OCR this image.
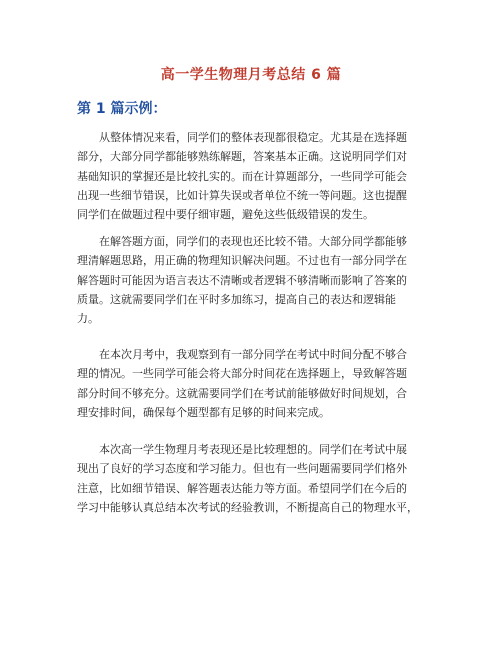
高一学生物理月考总结 6 篇
第 1 篇示例：
从整体情况来看，同学们的整体表现都很稳定。尤其是在选择题
部分，大部分同学都能够熟练解题，答案基本正确。这说明同学们对
基础知识的掌握还是比较扎实的。而在计算题部分，一些同学可能会
出现一些细节错误，比如计算失误或者单位不统一等问题。这也提醒
同学们在做题过程中要仔细审题，避免这些低级错误的发生。
在解答题方面，同学们的表现也还比较不错。大部分同学都能够
理清解题思路，用正确的物理知识解决问题。不过也有一部分同学在
解答题时可能因为语言表达不清晰或者逻辑不够清晰而影响了答案的
质量。这就需要同学们在平时多加练习，提高自己的表达和逻辑能
力。
在本次月考中，我观察到有一部分同学在考试中时间分配不够合
理的情况。一些同学可能会将大部分时间花在选择题上，导致解答题
部分时间不够充分。这就需要同学们在考试前能够做好时间规划，合
理安排时间，确保每个题型都有足够的时间来完成。
本次高一学生物理月考表现还是比较理想的。同学们在考试中展
现出了良好的学习态度和学习能力。但也有一些问题需要同学们格外
注意，比如细节错误、解答题表达能力等方面。希望同学们在今后的
学习中能够认真总结本次考试的经验教训，不断提高自己的物理水平，
